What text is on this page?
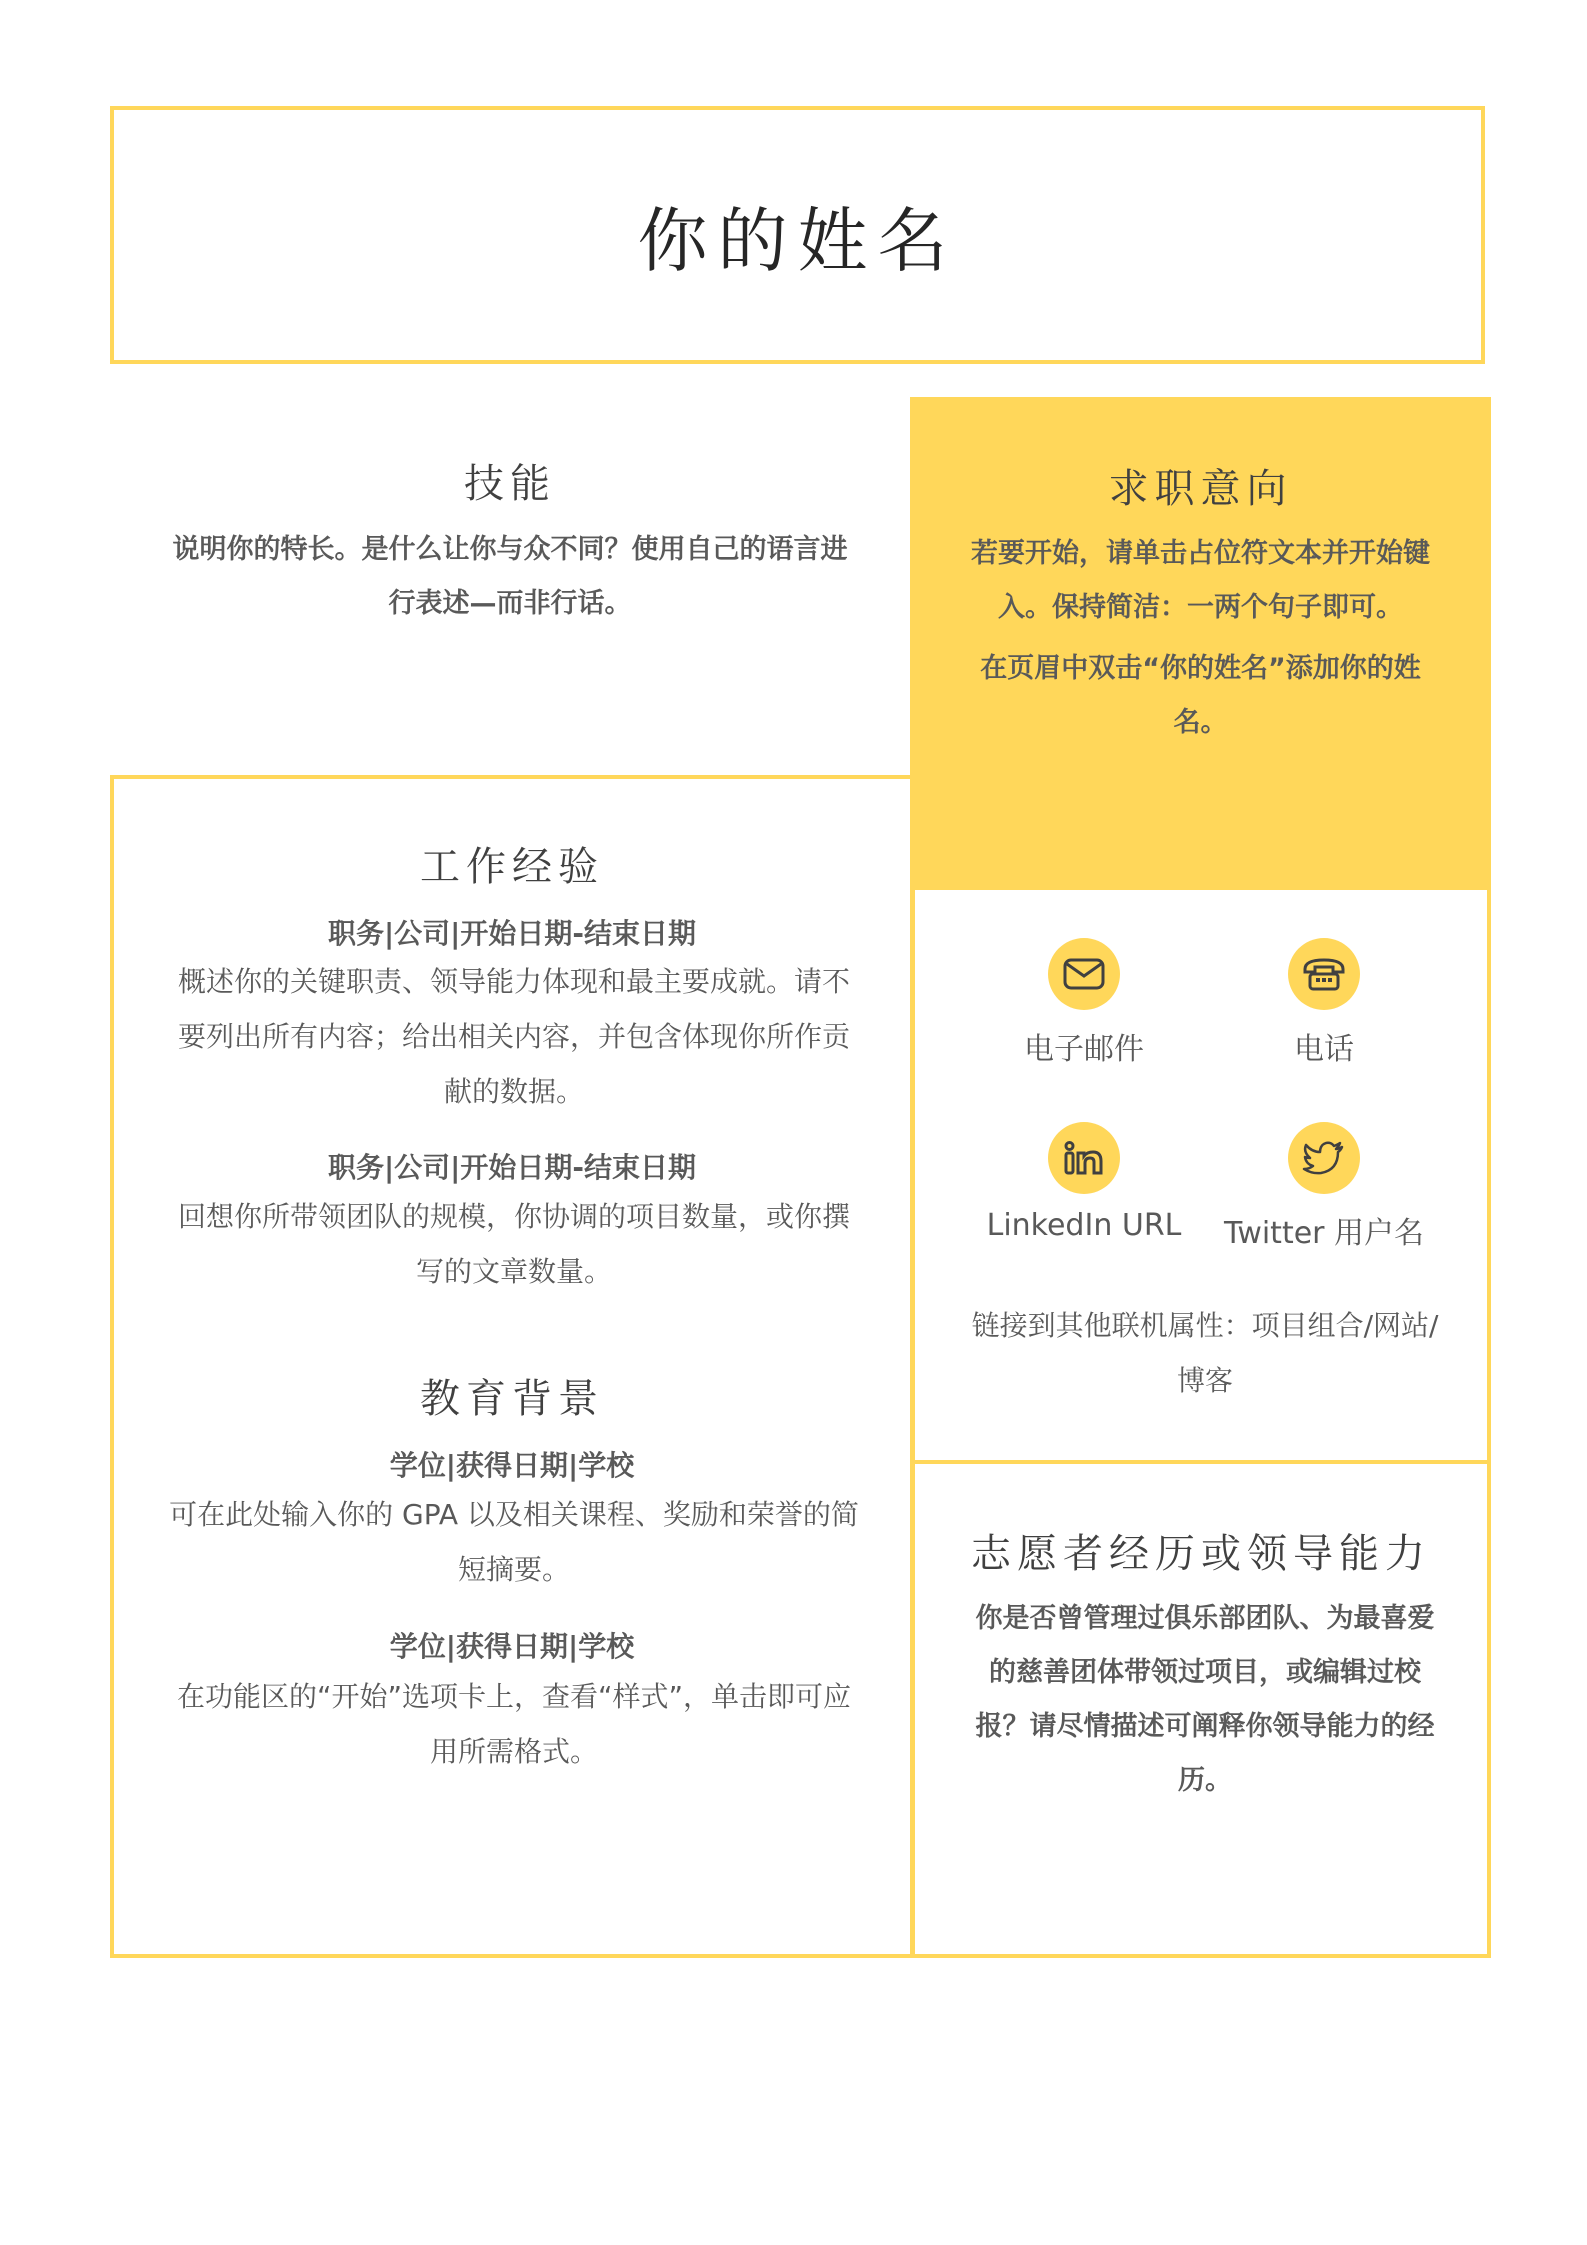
你的姓名
技能
说明你的特长。是什么让你与众不同？使用自己的语言进行表述—而非行话。
求职意向
若要开始，请单击占位符文本并开始键入。保持简洁：一两个句子即可。
在页眉中双击“你的姓名”添加你的姓名。
工作经验
职务|公司|开始日期-结束日期
概述你的关键职责、领导能力体现和最主要成就。请不要列出所有内容；给出相关内容，并包含体现你所作贡献的数据。
职务|公司|开始日期-结束日期
回想你所带领团队的规模，你协调的项目数量，或你撰写的文章数量。
教育背景
学位|获得日期|学校
可在此处输入你的 GPA 以及相关课程、奖励和荣誉的简短摘要。
学位|获得日期|学校
在功能区的“开始”选项卡上，查看“样式”，单击即可应用所需格式。
电子邮件	电话
LinkedIn URL	Twitter 用户名
链接到其他联机属性：项目组合/网站/博客
志愿者经历或领导能力
你是否曾管理过俱乐部团队、为最喜爱的慈善团体带领过项目，或编辑过校报？请尽情描述可阐释你领导能力的经历。
